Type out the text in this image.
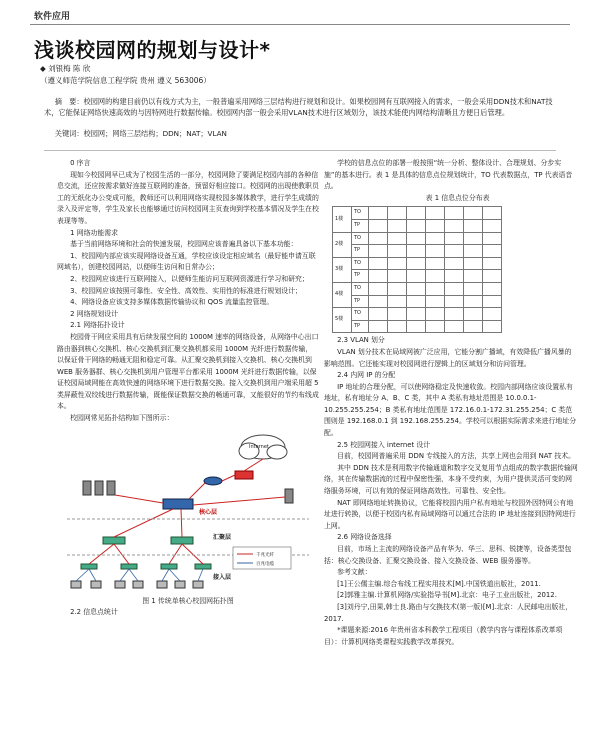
软件应用
浅谈校园网的规划与设计*
◆ 刘银梅 陈 欣
（遵义师范学院信息工程学院 贵州 遵义 563006）
摘　要：校园网的构建目前仍以有线方式为主，一般普遍采用网络三层结构进行规划和设计。如果校园网有互联网接入的需求，一般会采用DDN技术和NAT技术，它能保证网络快速高效的与因特网进行数据传输。校园网内部一般会采用VLAN技术进行区域划分，该技术能使内网结构清晰且方便日后管理。
关键词：校园网；网络三层结构；DDN；NAT；VLAN

0 序言

现如今校园网早已成为了校园生活的一部分，校园网除了要满足校园内部的各种信息交流，还应按需求做好连接互联网的准备，预留好相应接口。校园网的出现使教职员工的无纸化办公变成可能，教师还可以利用网络实现校园多媒体教学，进行学生成绩的录入及评定等，学生及家长也能够通过访问校园网主页查询到学校基本情况及学生在校表现等等。

1 网络功能需求

基于当前网络环境和社会的快速发展，校园网应该普遍具备以下基本功能：

1、校园网内部应该实现网络设备互通，学校应该设定相应域名（最好能申请互联网域名），创建校园网站，以便师生访问和日常办公；

2、校园网应该进行互联网接入，以便师生能访问互联网资源进行学习和研究；

3、校园网应该按照可靠性、安全性、高效性、实用性的标准进行规划设计；

4、网络设备应该支持多媒体数据传输协议和 QOS 流量监控管理。

2 网络规划设计

2.1 网络拓扑设计

校园骨干网应采用具有后续发展空间的 1000M 速率的网络设备，从网络中心出口路由器到核心交换机、核心交换机到汇聚交换机都采用 1000M 光纤进行数据传输，以保证骨干网络的畅通无阻和稳定可靠。从汇聚交换机到接入交换机、核心交换机到 WEB 服务器群、核心交换机到用户管理平台都采用 1000M 光纤进行数据传输，以保证校园局域网能在高效快速的网络环境下进行数据交换。接入交换机到用户端采用超 5 类屏蔽性双绞线进行数据传输，既能保证数据交换的畅通可靠，又能很好的节约布线成本。

校园网常见拓扑结构如下图所示：

Internet
核心层
汇聚层
接入层
千兆光纤
百兆电缆
图 1 传统单核心校园网拓扑图

2.2 信息点统计

学校的信息点位的部署一般按照“统一分析、整体设计、合理规划、分步实施”的基本进行。表 1 是具体的信息点位规划统计，TO 代表数据点，TP 代表语音点。

表 1 信息点位分布表

1楼	TO							
	TP							
2楼	TO							
	TP							
3楼	TO							
	TP							
4楼	TO							
	TP							
5楼	TO							
	TP							

2.3 VLAN 划分

VLAN 划分技术在局域网被广泛应用，它能分割广播域，有效降低广播风暴的影响范围。它还能实现对校园网进行逻辑上的区域划分和访问管理。

2.4 内网 IP 的分配

IP 地址的合理分配，可以使网络稳定及快速收敛。校园内部网络应该设置私有地址，私有地址分 A、B、C 类，其中 A 类私有地址范围是 10.0.0.1-10.255.255.254；B 类私有地址范围是 172.16.0.1-172.31.255.254；C 类范围则是 192.168.0.1 到 192.168.255.254。学校可以根据实际需求来进行地址分配。

2.5 校园网接入 internet 设计

目前，校园网普遍采用 DDN 专线接入的方法，共享上网也会用到 NAT 技术。

其中 DDN 技术是利用数字传输通道和数字交叉复用节点组成的数字数据传输网络，其在传输数据流的过程中保密性强，本身不受约束，为用户提供灵活可变的网络服务环境，可以有效的保证网络高效性、可靠性、安全性。

NAT 即网络地址转换协议，它能将校园内用户私有地址与校园外因特网公有地址进行转换，以便于校园内私有局域网络可以通过合法的 IP 地址连接到因特网进行上网。

2.6 网络设备选择

目前，市场上主流的网络设备产品有华为、华三、思科、锐捷等，设备类型包括：核心交换设备、汇聚交换设备、接入交换设备、WEB 服务器等。

参考文献：

[1]王公儒主编.综合布线工程实用技术[M].中国铁道出版社，2011.

[2]郭雅主编.计算机网络/实验指导书[M].北京：电子工业出版社，2012.

[3]刘丹宁,田果,韩士良.路由与交换技术(第一版)[M].北京：人民邮电出版社，2017.

*课题来源:2016 年贵州省本科教学工程项目（教学内容与课程体系改革项目）：计算机网络类课程实践教学改革探究。
